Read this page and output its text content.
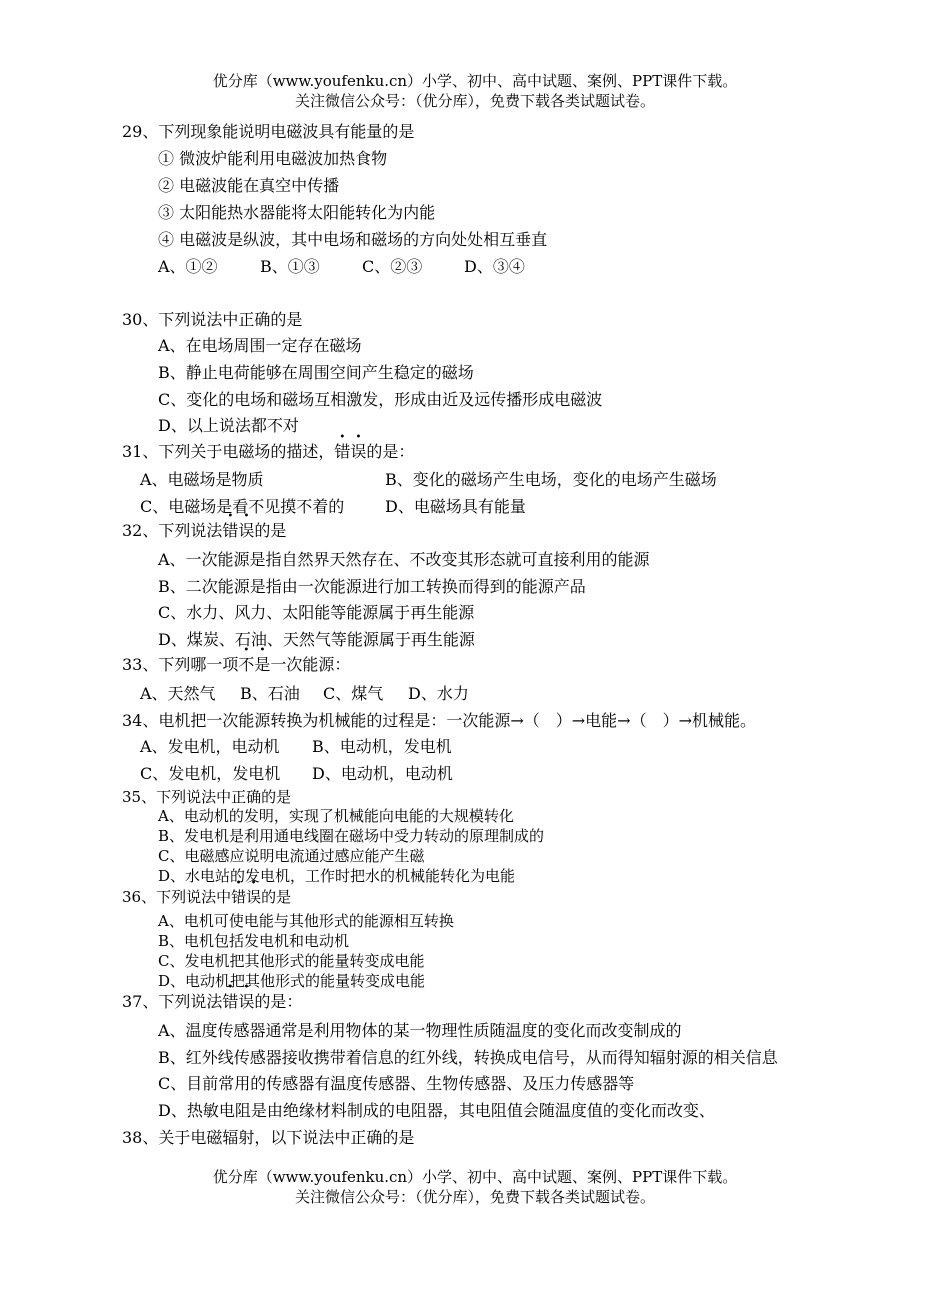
优分库（www.youfenku.cn）小学、初中、高中试题、案例、PPT课件下载。
关注微信公众号：（优分库），免费下载各类试题试卷。
29、下列现象能说明电磁波具有能量的是
① 微波炉能利用电磁波加热食物
② 电磁波能在真空中传播
③ 太阳能热水器能将太阳能转化为内能
④ 电磁波是纵波，其中电场和磁场的方向处处相互垂直
A、①②	B、①③	C、②③	D、③④
30、下列说法中正确的是
A、在电场周围一定存在磁场
B、静止电荷能够在周围空间产生稳定的磁场
C、变化的电场和磁场互相激发，形成由近及远传播形成电磁波
D、以上说法都不对
31、下列关于电磁场的描述，错误的是：
A、电磁场是物质	B、变化的磁场产生电场，变化的电场产生磁场
C、电磁场是看不见摸不着的	D、电磁场具有能量
32、下列说法错误的是
A、一次能源是指自然界天然存在、不改变其形态就可直接利用的能源
B、二次能源是指由一次能源进行加工转换而得到的能源产品
C、水力、风力、太阳能等能源属于再生能源
D、煤炭、石油、天然气等能源属于再生能源
33、下列哪一项不是一次能源：
A、天然气 B、石油 C、煤气 D、水力
34、电机把一次能源转换为机械能的过程是：一次能源→（　）→电能→（　）→机械能。
A、发电机，电动机 B、电动机，发电机
C、发电机，发电机 D、电动机，电动机
35、下列说法中正确的是
A、电动机的发明，实现了机械能向电能的大规模转化
B、发电机是利用通电线圈在磁场中受力转动的原理制成的
C、电磁感应说明电流通过感应能产生磁
D、水电站的发电机，工作时把水的机械能转化为电能
36、下列说法中错误的是
A、电机可使电能与其他形式的能源相互转换
B、电机包括发电机和电动机
C、发电机把其他形式的能量转变成电能
D、电动机把其他形式的能量转变成电能
37、下列说法错误的是：
A、温度传感器通常是利用物体的某一物理性质随温度的变化而改变制成的
B、红外线传感器接收携带着信息的红外线，转换成电信号，从而得知辐射源的相关信息
C、目前常用的传感器有温度传感器、生物传感器、及压力传感器等
D、热敏电阻是由绝缘材料制成的电阻器，其电阻值会随温度值的变化而改变、
38、关于电磁辐射，以下说法中正确的是
优分库（www.youfenku.cn）小学、初中、高中试题、案例、PPT课件下载。
关注微信公众号：（优分库），免费下载各类试题试卷。
